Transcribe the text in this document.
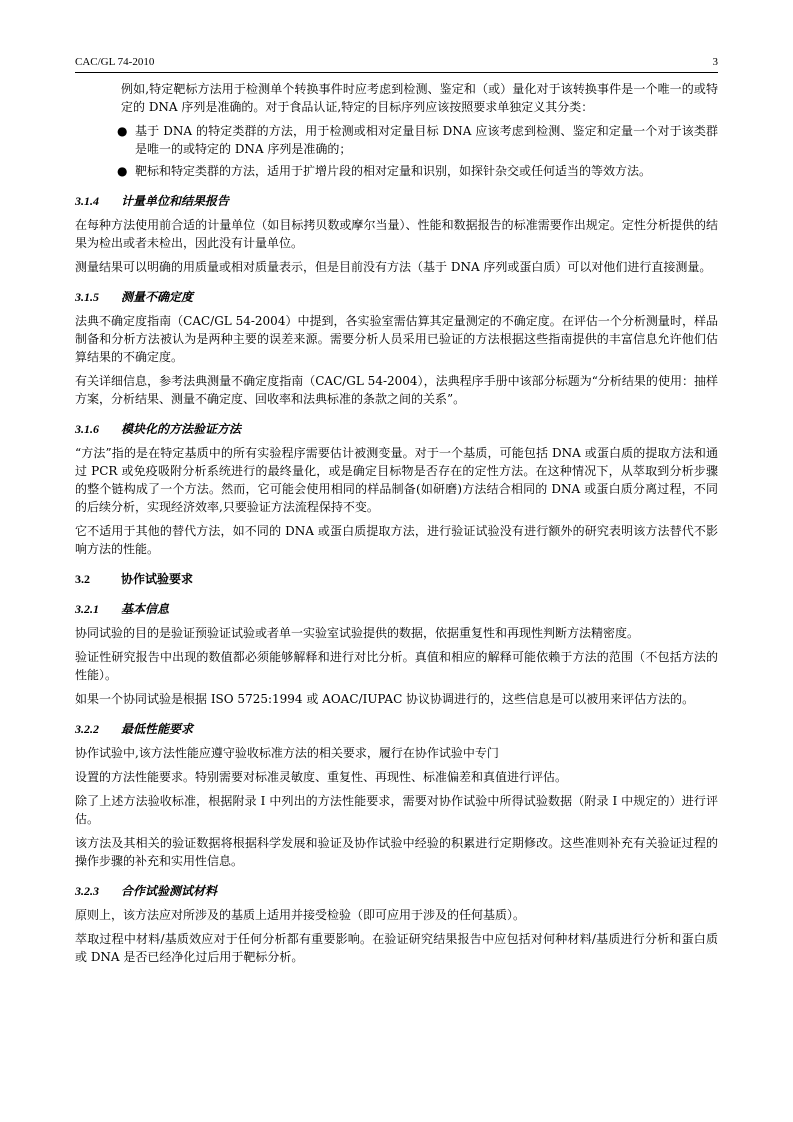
CAC/GL 74-2010	3

例如,特定靶标方法用于检测单个转换事件时应考虑到检测、鉴定和（或）量化对于该转换事件是一个唯一的或特定的 DNA 序列是准确的。对于食品认证,特定的目标序列应该按照要求单独定义其分类：

● 基于 DNA 的特定类群的方法，用于检测或相对定量目标 DNA 应该考虑到检测、鉴定和定量一个对于该类群是唯一的或特定的 DNA 序列是准确的；
● 靶标和特定类群的方法，适用于扩增片段的相对定量和识别，如探针杂交或任何适当的等效方法。
3.1.4	计量单位和结果报告

在每种方法使用前合适的计量单位（如目标拷贝数或摩尔当量）、性能和数据报告的标准需要作出规定。定性分析提供的结果为检出或者未检出，因此没有计量单位。

测量结果可以明确的用质量或相对质量表示，但是目前没有方法（基于 DNA 序列或蛋白质）可以对他们进行直接测量。

3.1.5	测量不确定度

法典不确定度指南（CAC/GL 54-2004）中提到，各实验室需估算其定量测定的不确定度。在评估一个分析测量时，样品制备和分析方法被认为是两种主要的误差来源。需要分析人员采用已验证的方法根据这些指南提供的丰富信息允许他们估算结果的不确定度。

有关详细信息，参考法典测量不确定度指南（CAC/GL 54-2004），法典程序手册中该部分标题为“分析结果的使用：抽样方案，分析结果、测量不确定度、回收率和法典标准的条款之间的关系”。

3.1.6	模块化的方法验证方法

“方法”指的是在特定基质中的所有实验程序需要估计被测变量。对于一个基质，可能包括 DNA 或蛋白质的提取方法和通过 PCR 或免疫吸附分析系统进行的最终量化，或是确定目标物是否存在的定性方法。在这种情况下，从萃取到分析步骤的整个链构成了一个方法。然而，它可能会使用相同的样品制备(如研磨)方法结合相同的 DNA 或蛋白质分离过程，不同的后续分析，实现经济效率,只要验证方法流程保持不变。

它不适用于其他的替代方法，如不同的 DNA 或蛋白质提取方法，进行验证试验没有进行额外的研究表明该方法替代不影响方法的性能。

3.2	协作试验要求
3.2.1	基本信息

协同试验的目的是验证预验证试验或者单一实验室试验提供的数据，依据重复性和再现性判断方法精密度。

验证性研究报告中出现的数值都必须能够解释和进行对比分析。真值和相应的解释可能依赖于方法的范围（不包括方法的性能）。

如果一个协同试验是根据 ISO 5725:1994 或 AOAC/IUPAC 协议协调进行的，这些信息是可以被用来评估方法的。

3.2.2	最低性能要求

协作试验中,该方法性能应遵守验收标准方法的相关要求，履行在协作试验中专门

设置的方法性能要求。特别需要对标准灵敏度、重复性、再现性、标准偏差和真值进行评估。

除了上述方法验收标准，根据附录 I 中列出的方法性能要求，需要对协作试验中所得试验数据（附录 I 中规定的）进行评估。

该方法及其相关的验证数据将根据科学发展和验证及协作试验中经验的积累进行定期修改。这些准则补充有关验证过程的操作步骤的补充和实用性信息。

3.2.3	合作试验测试材料

原则上，该方法应对所涉及的基质上适用并接受检验（即可应用于涉及的任何基质）。

萃取过程中材料/基质效应对于任何分析都有重要影响。在验证研究结果报告中应包括对何种材料/基质进行分析和蛋白质或 DNA 是否已经净化过后用于靶标分析。
